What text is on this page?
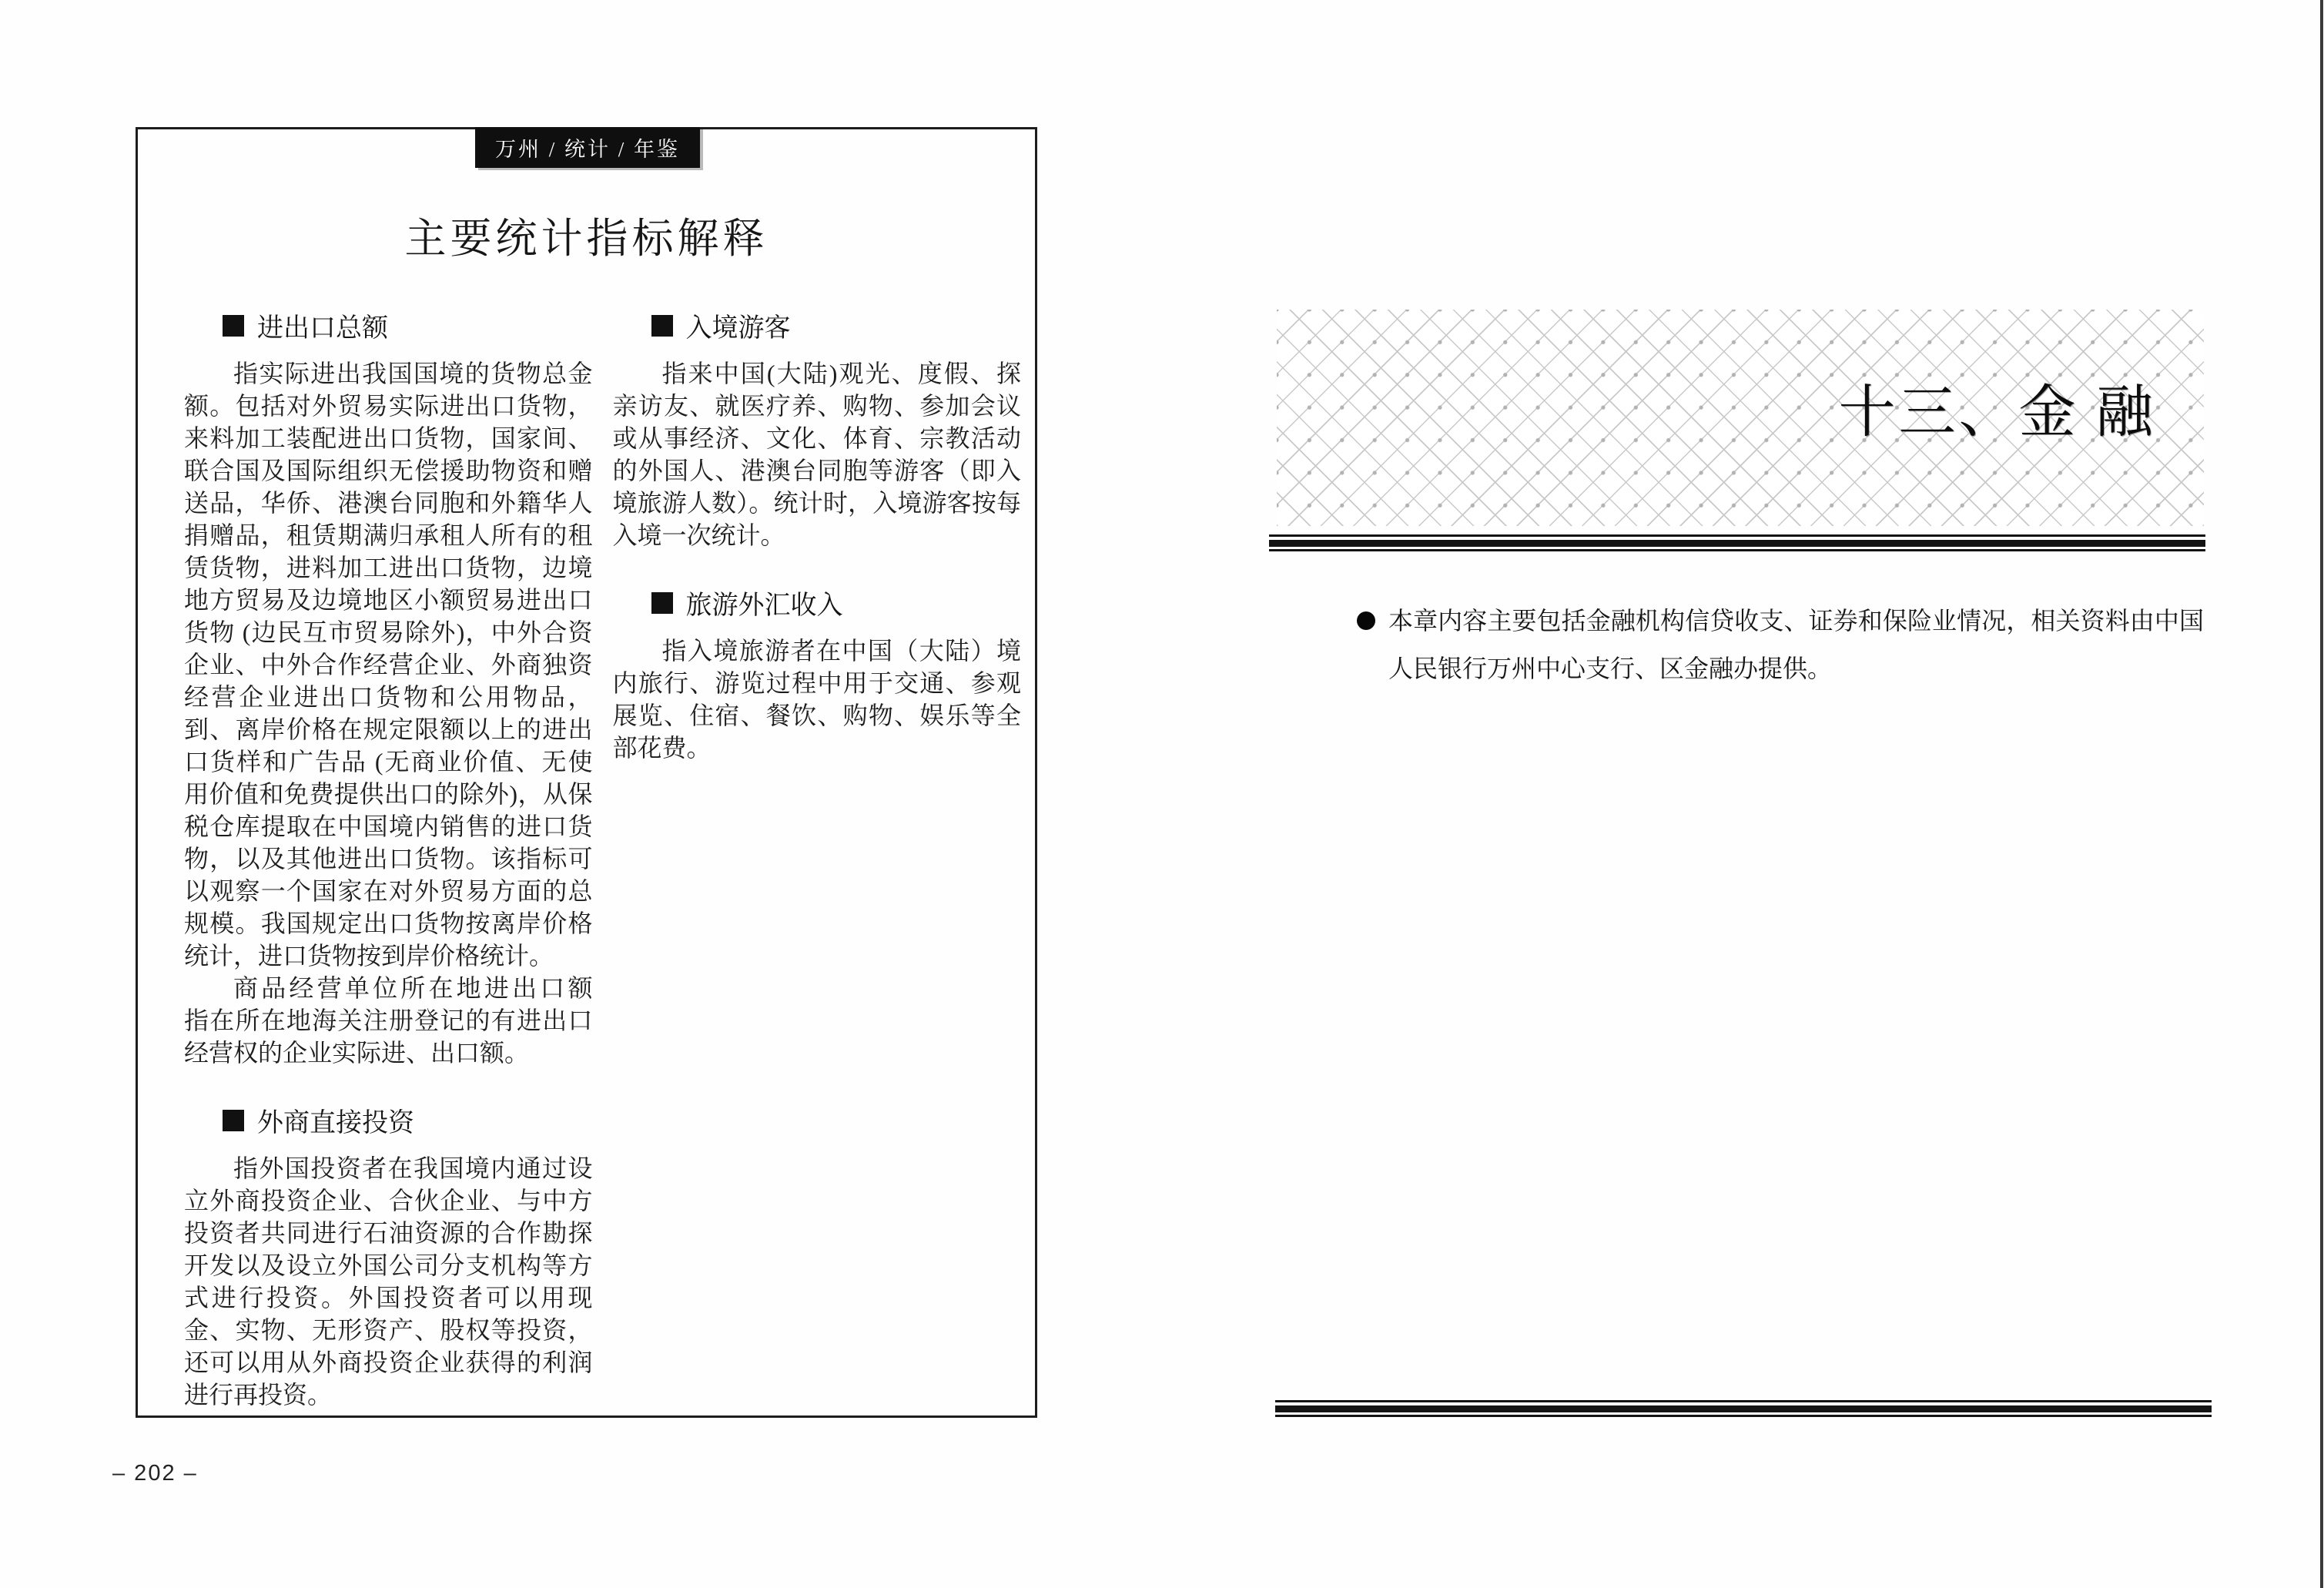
万州 / 统计 / 年鉴
主要统计指标解释
进出口总额

指实际进出我国国境的货物总金额。包括对外贸易实际进出口货物，来料加工装配进出口货物，国家间、联合国及国际组织无偿援助物资和赠送品，华侨、港澳台同胞和外籍华人捐赠品，租赁期满归承租人所有的租赁货物，进料加工进出口货物，边境地方贸易及边境地区小额贸易进出口货物 (边民互市贸易除外)，中外合资企业、中外合作经营企业、外商独资经营企业进出口货物和公用物品，到、离岸价格在规定限额以上的进出口货样和广告品 (无商业价值、无使用价值和免费提供出口的除外)，从保税仓库提取在中国境内销售的进口货物，以及其他进出口货物。该指标可以观察一个国家在对外贸易方面的总规模。我国规定出口货物按离岸价格统计，进口货物按到岸价格统计。

商品经营单位所在地进出口额　指在所在地海关注册登记的有进出口经营权的企业实际进、出口额。

外商直接投资

指外国投资者在我国境内通过设立外商投资企业、合伙企业、与中方投资者共同进行石油资源的合作勘探开发以及设立外国公司分支机构等方式进行投资。外国投资者可以用现金、实物、无形资产、股权等投资，还可以用从外商投资企业获得的利润进行再投资。

入境游客

指来中国(大陆)观光、度假、探亲访友、就医疗养、购物、参加会议或从事经济、文化、体育、宗教活动的外国人、港澳台同胞等游客（即入境旅游人数）。统计时，入境游客按每入境一次统计。

旅游外汇收入

指入境旅游者在中国（大陆）境内旅行、游览过程中用于交通、参观展览、住宿、餐饮、购物、娱乐等全部花费。

– 202 –
十三、金 融
本章内容主要包括金融机构信贷收支、证券和保险业情况，相关资料由中国人民银行万州中心支行、区金融办提供。
